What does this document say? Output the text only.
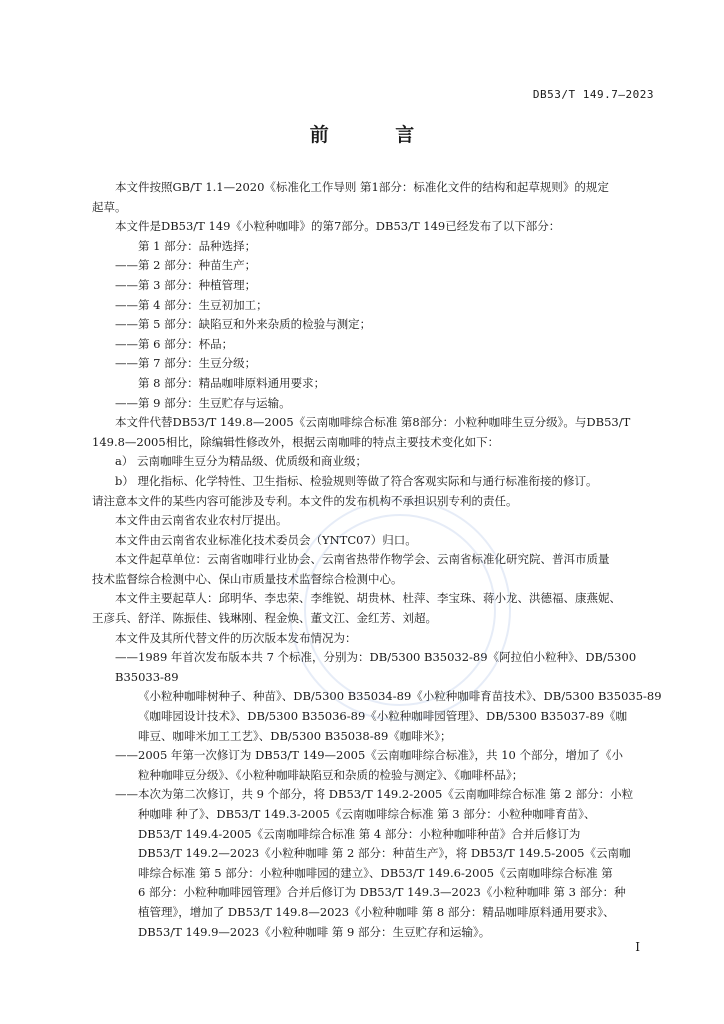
DB53/T 149.7—2023
前 言
本文件按照GB/T 1.1—2020《标准化工作导则 第1部分：标准化文件的结构和起草规则》的规定
起草。
本文件是DB53/T 149《小粒种咖啡》的第7部分。DB53/T 149已经发布了以下部分：
第 1 部分：品种选择；
——第 2 部分：种苗生产；
——第 3 部分：种植管理；
——第 4 部分：生豆初加工；
——第 5 部分：缺陷豆和外来杂质的检验与测定；
——第 6 部分：杯品；
——第 7 部分：生豆分级；
第 8 部分：精品咖啡原料通用要求；
——第 9 部分：生豆贮存与运输。
本文件代替DB53/T 149.8—2005《云南咖啡综合标准 第8部分：小粒种咖啡生豆分级》。与DB53/T
149.8—2005相比，除编辑性修改外，根据云南咖啡的特点主要技术变化如下：
a） 云南咖啡生豆分为精品级、优质级和商业级；
b） 理化指标、化学特性、卫生指标、检验规则等做了符合客观实际和与通行标准衔接的修订。
请注意本文件的某些内容可能涉及专利。本文件的发布机构不承担识别专利的责任。
本文件由云南省农业农村厅提出。
本文件由云南省农业标准化技术委员会（YNTC07）归口。
本文件起草单位：云南省咖啡行业协会、云南省热带作物学会、云南省标准化研究院、普洱市质量
技术监督综合检测中心、保山市质量技术监督综合检测中心。
本文件主要起草人：邱明华、李忠荣、李维锐、胡贵林、杜萍、李宝珠、蒋小龙、洪德福、康燕妮、
王彦兵、舒洋、陈振佳、钱琳刚、程金焕、董文江、金红芳、刘超。
本文件及其所代替文件的历次版本发布情况为：
——1989 年首次发布版本共 7 个标准，分别为：DB/5300 B35032-89《阿拉伯小粒种》、DB/5300 B35033-89
《小粒种咖啡树种子、种苗》、DB/5300 B35034-89《小粒种咖啡育苗技术》、DB/5300 B35035-89
《咖啡园设计技术》、DB/5300 B35036-89《小粒种咖啡园管理》、DB/5300 B35037-89《咖
啡豆、咖啡米加工工艺》、DB/5300 B35038-89《咖啡米》；
——2005 年第一次修订为 DB53/T 149—2005《云南咖啡综合标准》，共 10 个部分，增加了《小
粒种咖啡豆分级》、《小粒种咖啡缺陷豆和杂质的检验与测定》、《咖啡杯品》；
——本次为第二次修订，共 9 个部分，将 DB53/T 149.2-2005《云南咖啡综合标准 第 2 部分：小粒
种咖啡 种了》、DB53/T 149.3-2005《云南咖啡综合标准 第 3 部分：小粒种咖啡育苗》、
DB53/T 149.4-2005《云南咖啡综合标准 第 4 部分：小粒种咖啡种苗》合并后修订为
DB53/T 149.2—2023《小粒种咖啡 第 2 部分：种苗生产》，将 DB53/T 149.5-2005《云南咖
啡综合标准 第 5 部分：小粒种咖啡园的建立》、DB53/T 149.6-2005《云南咖啡综合标准 第
6 部分：小粒种咖啡园管理》合并后修订为 DB53/T 149.3—2023《小粒种咖啡 第 3 部分：种
植管理》，增加了 DB53/T 149.8—2023《小粒种咖啡 第 8 部分：精品咖啡原料通用要求》、
DB53/T 149.9—2023《小粒种咖啡 第 9 部分：生豆贮存和运输》。
I
